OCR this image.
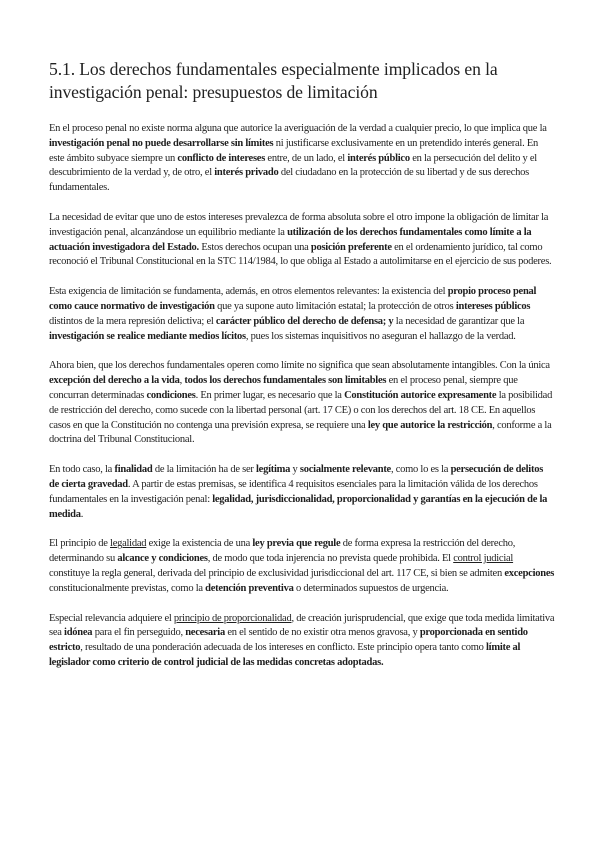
5.1. Los derechos fundamentales especialmente implicados en la investigación penal: presupuestos de limitación

En el proceso penal no existe norma alguna que autorice la averiguación de la verdad a cualquier precio, lo que implica que la investigación penal no puede desarrollarse sin límites ni justificarse exclusivamente en un pretendido interés general. En este ámbito subyace siempre un conflicto de intereses entre, de un lado, el interés público en la persecución del delito y el descubrimiento de la verdad y, de otro, el interés privado del ciudadano en la protección de su libertad y de sus derechos fundamentales.

La necesidad de evitar que uno de estos intereses prevalezca de forma absoluta sobre el otro impone la obligación de limitar la investigación penal, alcanzándose un equilibrio mediante la utilización de los derechos fundamentales como límite a la actuación investigadora del Estado. Estos derechos ocupan una posición preferente en el ordenamiento jurídico, tal como reconoció el Tribunal Constitucional en la STC 114/1984, lo que obliga al Estado a autolimitarse en el ejercicio de sus poderes.

Esta exigencia de limitación se fundamenta, además, en otros elementos relevantes: la existencia del propio proceso penal como cauce normativo de investigación que ya supone auto limitación estatal; la protección de otros intereses públicos distintos de la mera represión delictiva; el carácter público del derecho de defensa; y la necesidad de garantizar que la investigación se realice mediante medios lícitos, pues los sistemas inquisitivos no aseguran el hallazgo de la verdad.

Ahora bien, que los derechos fundamentales operen como límite no significa que sean absolutamente intangibles. Con la única excepción del derecho a la vida, todos los derechos fundamentales son limitables en el proceso penal, siempre que concurran determinadas condiciones. En primer lugar, es necesario que la Constitución autorice expresamente la posibilidad de restricción del derecho, como sucede con la libertad personal (art. 17 CE) o con los derechos del art. 18 CE. En aquellos casos en que la Constitución no contenga una previsión expresa, se requiere una ley que autorice la restricción, conforme a la doctrina del Tribunal Constitucional.

En todo caso, la finalidad de la limitación ha de ser legítima y socialmente relevante, como lo es la persecución de delitos de cierta gravedad. A partir de estas premisas, se identifica 4 requisitos esenciales para la limitación válida de los derechos fundamentales en la investigación penal: legalidad, jurisdiccionalidad, proporcionalidad y garantías en la ejecución de la medida.

El principio de legalidad exige la existencia de una ley previa que regule de forma expresa la restricción del derecho, determinando su alcance y condiciones, de modo que toda injerencia no prevista quede prohibida. El control judicial constituye la regla general, derivada del principio de exclusividad jurisdiccional del art. 117 CE, si bien se admiten excepciones constitucionalmente previstas, como la detención preventiva o determinados supuestos de urgencia.

Especial relevancia adquiere el principio de proporcionalidad, de creación jurisprudencial, que exige que toda medida limitativa sea idónea para el fin perseguido, necesaria en el sentido de no existir otra menos gravosa, y proporcionada en sentido estricto, resultado de una ponderación adecuada de los intereses en conflicto. Este principio opera tanto como límite al legislador como criterio de control judicial de las medidas concretas adoptadas.
